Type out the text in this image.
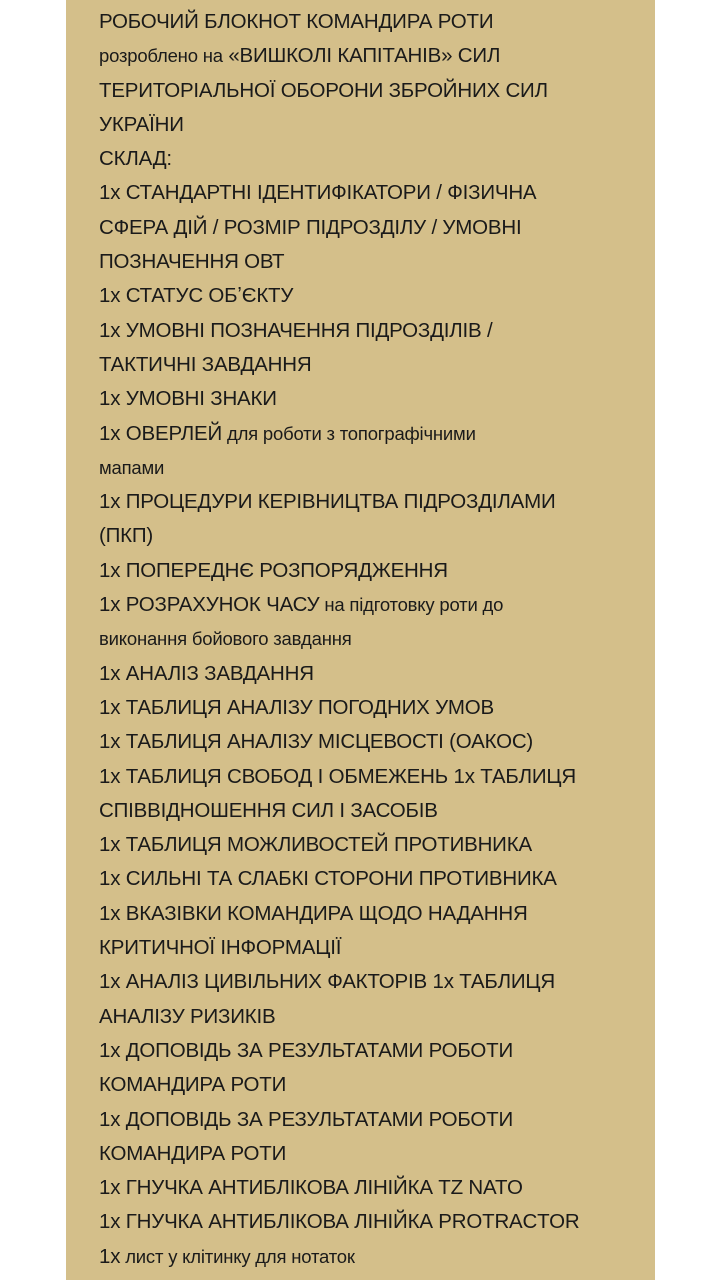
РОБОЧИЙ БЛОКНОТ КОМАНДИРА РОТИ
розроблено на «ВИШКОЛІ КАПІТАНІВ» СИЛ
ТЕРИТОРІАЛЬНОЇ ОБОРОНИ ЗБРОЙНИХ СИЛ
УКРАЇНИ
СКЛАД:
1x СТАНДАРТНІ ІДЕНТИФІКАТОРИ / ФІЗИЧНА
СФЕРА ДІЙ / РОЗМІР ПІДРОЗДІЛУ / УМОВНІ
ПОЗНАЧЕННЯ ОВТ
1x СТАТУС ОБʼЄКТУ
1x УМОВНІ ПОЗНАЧЕННЯ ПІДРОЗДІЛІВ /
ТАКТИЧНІ ЗАВДАННЯ
1x УМОВНІ ЗНАКИ
1x ОВЕРЛЕЙ для роботи з топографічними
мапами
1x ПРОЦЕДУРИ КЕРІВНИЦТВА ПІДРОЗДІЛАМИ
(ПКП)
1x ПОПЕРЕДНЄ РОЗПОРЯДЖЕННЯ
1x РОЗРАХУНОК ЧАСУ на підготовку роти до
виконання бойового завдання
1x АНАЛІЗ ЗАВДАННЯ
1x ТАБЛИЦЯ АНАЛІЗУ ПОГОДНИХ УМОВ
1x ТАБЛИЦЯ АНАЛІЗУ МІСЦЕВОСТІ (ОАКОС)
1x ТАБЛИЦЯ СВОБОД І ОБМЕЖЕНЬ 1x ТАБЛИЦЯ
СПІВВІДНОШЕННЯ СИЛ І ЗАСОБІВ
1x ТАБЛИЦЯ МОЖЛИВОСТЕЙ ПРОТИВНИКА
1x СИЛЬНІ ТА СЛАБКІ СТОРОНИ ПРОТИВНИКА
1x ВКАЗІВКИ КОМАНДИРА ЩОДО НАДАННЯ
КРИТИЧНОЇ ІНФОРМАЦІЇ
1x АНАЛІЗ ЦИВІЛЬНИХ ФАКТОРІВ 1x ТАБЛИЦЯ
АНАЛІЗУ РИЗИКІВ
1x ДОПОВІДЬ ЗА РЕЗУЛЬТАТАМИ РОБОТИ
КОМАНДИРА РОТИ
1x ДОПОВІДЬ ЗА РЕЗУЛЬТАТАМИ РОБОТИ
КОМАНДИРА РОТИ
1x ГНУЧКА АНТИБЛІКОВА ЛІНІЙКА TZ NATO
1x ГНУЧКА АНТИБЛІКОВА ЛІНІЙКА PROTRACTOR
1x лист у клітинку для нотаток
